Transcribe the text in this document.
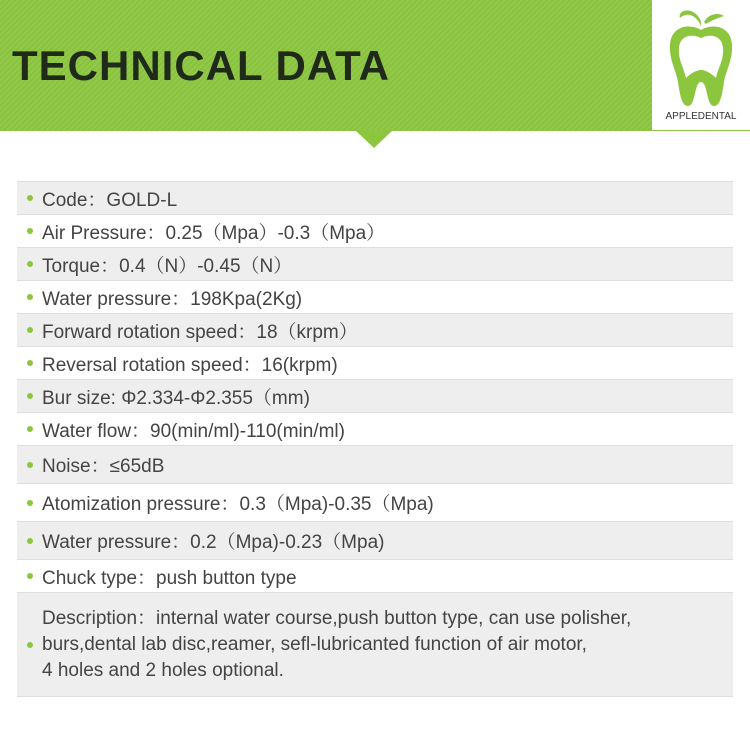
TECHNICAL DATA
APPLEDENTAL
Code：GOLD-L
Air Pressure：0.25（Mpa）-0.3（Mpa）
Torque：0.4（N）-0.45（N）
Water pressure：198Kpa(2Kg)
Forward rotation speed：18（krpm）
Reversal rotation speed：16(krpm)
Bur size: Φ2.334-Φ2.355（mm)
Water flow：90(min/ml)-110(min/ml)
Noise：≤65dB
Atomization pressure：0.3（Mpa)-0.35（Mpa)
Water pressure：0.2（Mpa)-0.23（Mpa)
Chuck type：push button type
Description：internal water course,push button type, can use polisher,
burs,dental lab disc,reamer, sefl-lubricanted function of air motor,
4 holes and 2 holes optional.
